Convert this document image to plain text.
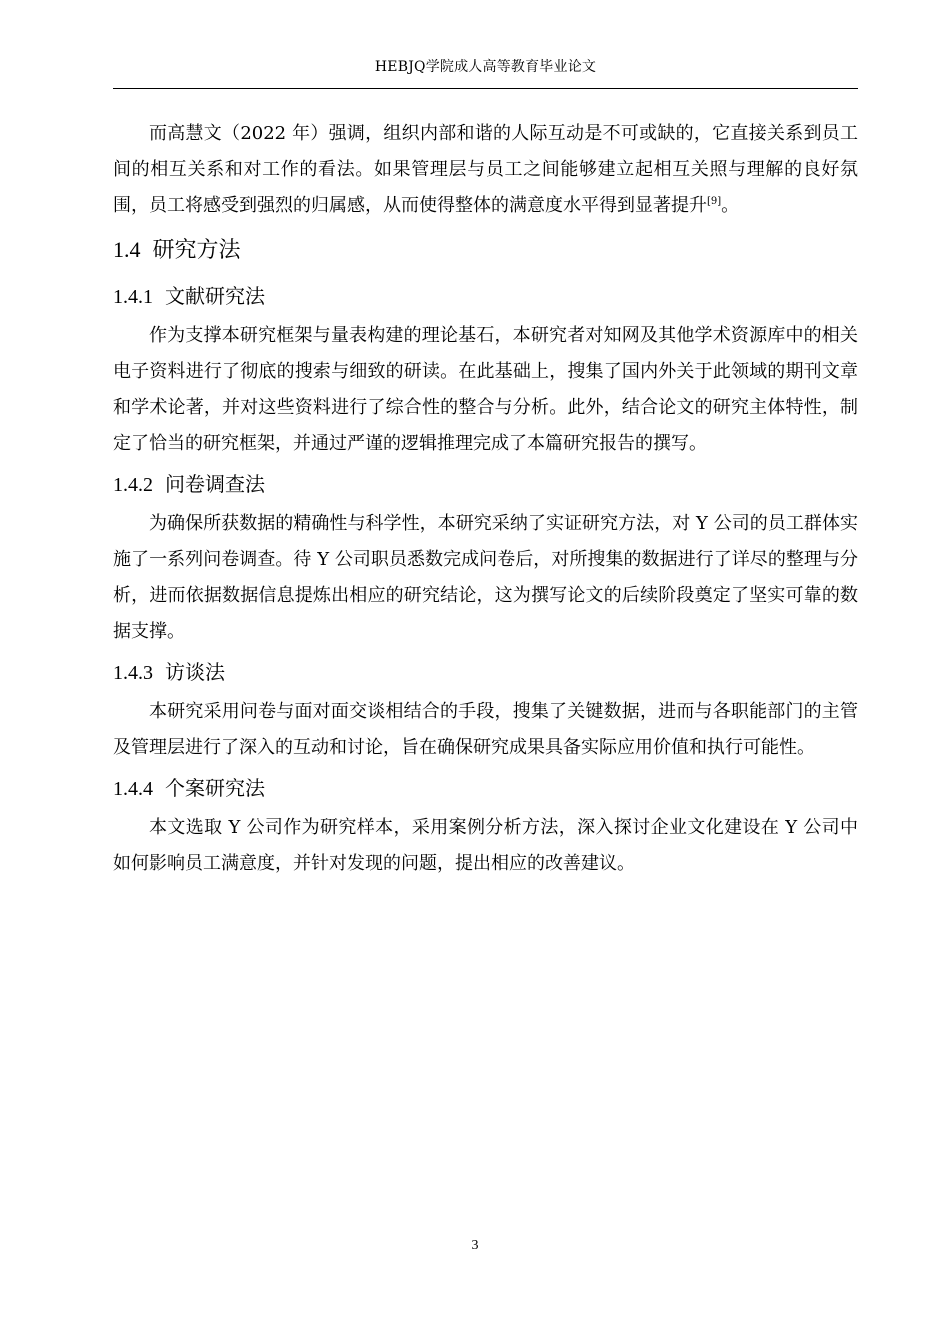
HEBJQ学院成人高等教育毕业论文

而高慧文（2022 年）强调，组织内部和谐的人际互动是不可或缺的，它直接关系到员工间的相互关系和对工作的看法。如果管理层与员工之间能够建立起相互关照与理解的良好氛围，员工将感受到强烈的归属感，从而使得整体的满意度水平得到显著提升[9]。

1.4 研究方法
1.4.1 文献研究法

作为支撑本研究框架与量表构建的理论基石，本研究者对知网及其他学术资源库中的相关电子资料进行了彻底的搜索与细致的研读。在此基础上，搜集了国内外关于此领域的期刊文章和学术论著，并对这些资料进行了综合性的整合与分析。此外，结合论文的研究主体特性，制定了恰当的研究框架，并通过严谨的逻辑推理完成了本篇研究报告的撰写。

1.4.2 问卷调查法

为确保所获数据的精确性与科学性，本研究采纳了实证研究方法，对 Y 公司的员工群体实施了一系列问卷调查。待 Y 公司职员悉数完成问卷后，对所搜集的数据进行了详尽的整理与分析，进而依据数据信息提炼出相应的研究结论，这为撰写论文的后续阶段奠定了坚实可靠的数据支撑。

1.4.3 访谈法

本研究采用问卷与面对面交谈相结合的手段，搜集了关键数据，进而与各职能部门的主管及管理层进行了深入的互动和讨论，旨在确保研究成果具备实际应用价值和执行可能性。

1.4.4 个案研究法

本文选取 Y 公司作为研究样本，采用案例分析方法，深入探讨企业文化建设在 Y 公司中如何影响员工满意度，并针对发现的问题，提出相应的改善建议。

3
